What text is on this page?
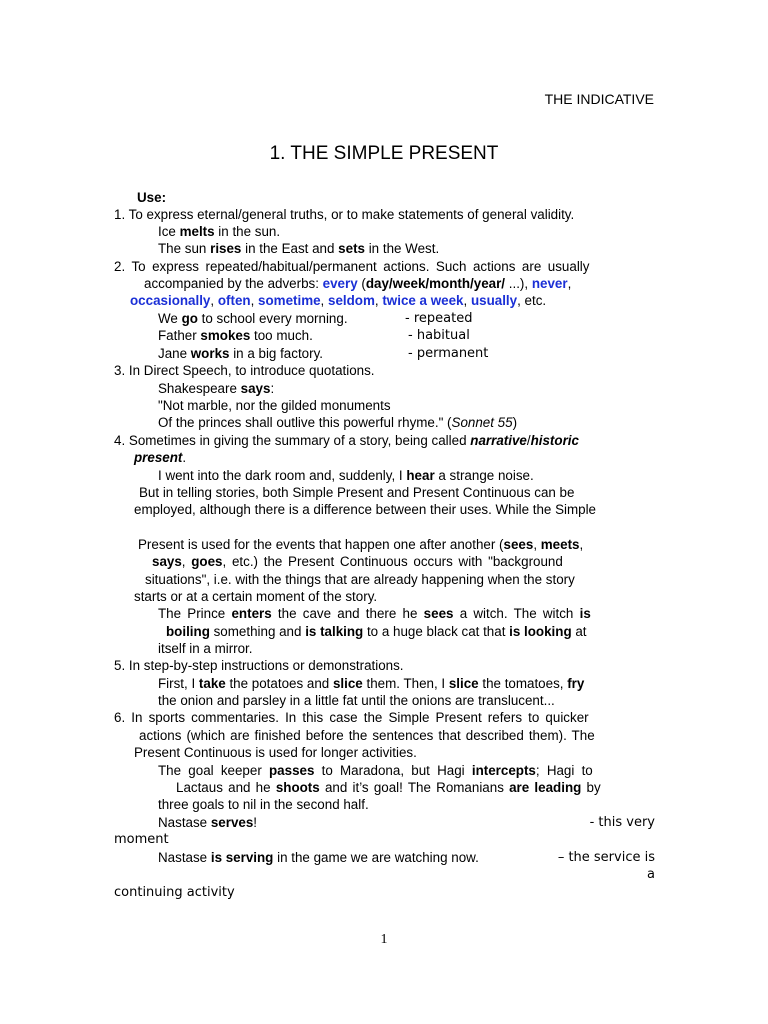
THE INDICATIVE
1. THE SIMPLE PRESENT
Use:
1. To express eternal/general truths, or to make statements of general validity.
Ice melts in the sun.
The sun rises in the East and sets in the West.
2. To express repeated/habitual/permanent actions. Such actions are usually
accompanied by the adverbs: every (day/week/month/year/ ...), never,
occasionally, often, sometime, seldom, twice a week, usually, etc.
We go to school every morning.	- repeated
Father smokes too much.	- habitual
Jane works in a big factory.	- permanent
3. In Direct Speech, to introduce quotations.
Shakespeare says:
"Not marble, nor the gilded monuments
Of the princes shall outlive this powerful rhyme." (Sonnet 55)
4. Sometimes in giving the summary of a story, being called narrative/historic
present.
I went into the dark room and, suddenly, I hear a strange noise.
But in telling stories, both Simple Present and Present Continuous can be
employed, although there is a difference between their uses. While the Simple
Present is used for the events that happen one after another (sees, meets,
says, goes, etc.) the Present Continuous occurs with "background
situations", i.e. with the things that are already happening when the story
starts or at a certain moment of the story.
The Prince enters the cave and there he sees a witch. The witch is
boiling something and is talking to a huge black cat that is looking at
itself in a mirror.
5. In step-by-step instructions or demonstrations.
First, I take the potatoes and slice them. Then, I slice the tomatoes, fry
the onion and parsley in a little fat until the onions are translucent...
6. In sports commentaries. In this case the Simple Present refers to quicker
actions (which are finished before the sentences that described them). The
Present Continuous is used for longer activities.
The goal keeper passes to Maradona, but Hagi intercepts; Hagi to
Lactaus and he shoots and it’s goal! The Romanians are leading by
three goals to nil in the second half.
Nastase serves!	- this very
moment
Nastase is serving in the game we are watching now.	– the service is
a
continuing activity
1
